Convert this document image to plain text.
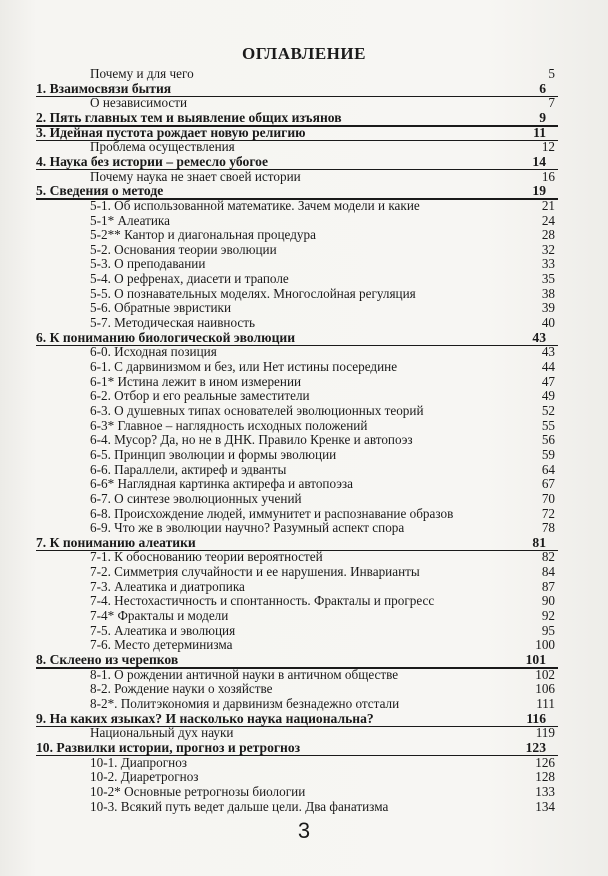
ОГЛАВЛЕНИЕ
Почему и для чего	5
1. Взаимосвязи бытия	6
О независимости	7
2. Пять главных тем и выявление общих изъянов	9
3. Идейная пустота рождает новую религию	11
Проблема осуществления	12
4. Наука без истории – ремесло убогое	14
Почему наука не знает своей истории	16
5. Сведения о методе	19
5-1. Об использованной математике. Зачем модели и какие	21
5-1* Алеатика	24
5-2** Кантор и диагональная процедура	28
5-2. Основания теории эволюции	32
5-3. О преподавании	33
5-4. О рефренах, диасети и траполе	35
5-5. О познавательных моделях. Многослойная регуляция	38
5-6. Обратные эвристики	39
5-7. Методическая наивность	40
6. К пониманию биологической эволюции	43
6-0. Исходная позиция	43
6-1. С дарвинизмом и без, или Нет истины посередине	44
6-1* Истина лежит в ином измерении	47
6-2. Отбор и его реальные заместители	49
6-3. О душевных типах основателей эволюционных теорий	52
6-3* Главное – наглядность исходных положений	55
6-4. Мусор? Да, но не в ДНК. Правило Кренке и автопоэз	56
6-5. Принцип эволюции и формы эволюции	59
6-6. Параллели, актиреф и эдванты	64
6-6* Наглядная картинка актирефа и автопоэза	67
6-7. О синтезе эволюционных учений	70
6-8. Происхождение людей, иммунитет и распознавание образов	72
6-9. Что же в эволюции научно? Разумный аспект спора	78
7. К пониманию алеатики	81
7-1. К обоснованию теории вероятностей	82
7-2. Симметрия случайности и ее нарушения. Инварианты	84
7-3. Алеатика и диатропика	87
7-4. Нестохастичность и спонтанность. Фракталы и прогресс	90
7-4* Фракталы и модели	92
7-5. Алеатика и эволюция	95
7-6. Место детерминизма	100
8. Склеено из черепков	101
8-1. О рождении античной науки в античном обществе	102
8-2. Рождение науки о хозяйстве	106
8-2*. Политэкономия и дарвинизм безнадежно отстали	111
9. На каких языках? И насколько наука национальна?	116
Национальный дух науки	119
10. Развилки истории, прогноз и ретрогноз	123
10-1. Диапрогноз	126
10-2. Диаретрогноз	128
10-2* Основные ретрогнозы биологии	133
10-3. Всякий путь ведет дальше цели. Два фанатизма	134
3
